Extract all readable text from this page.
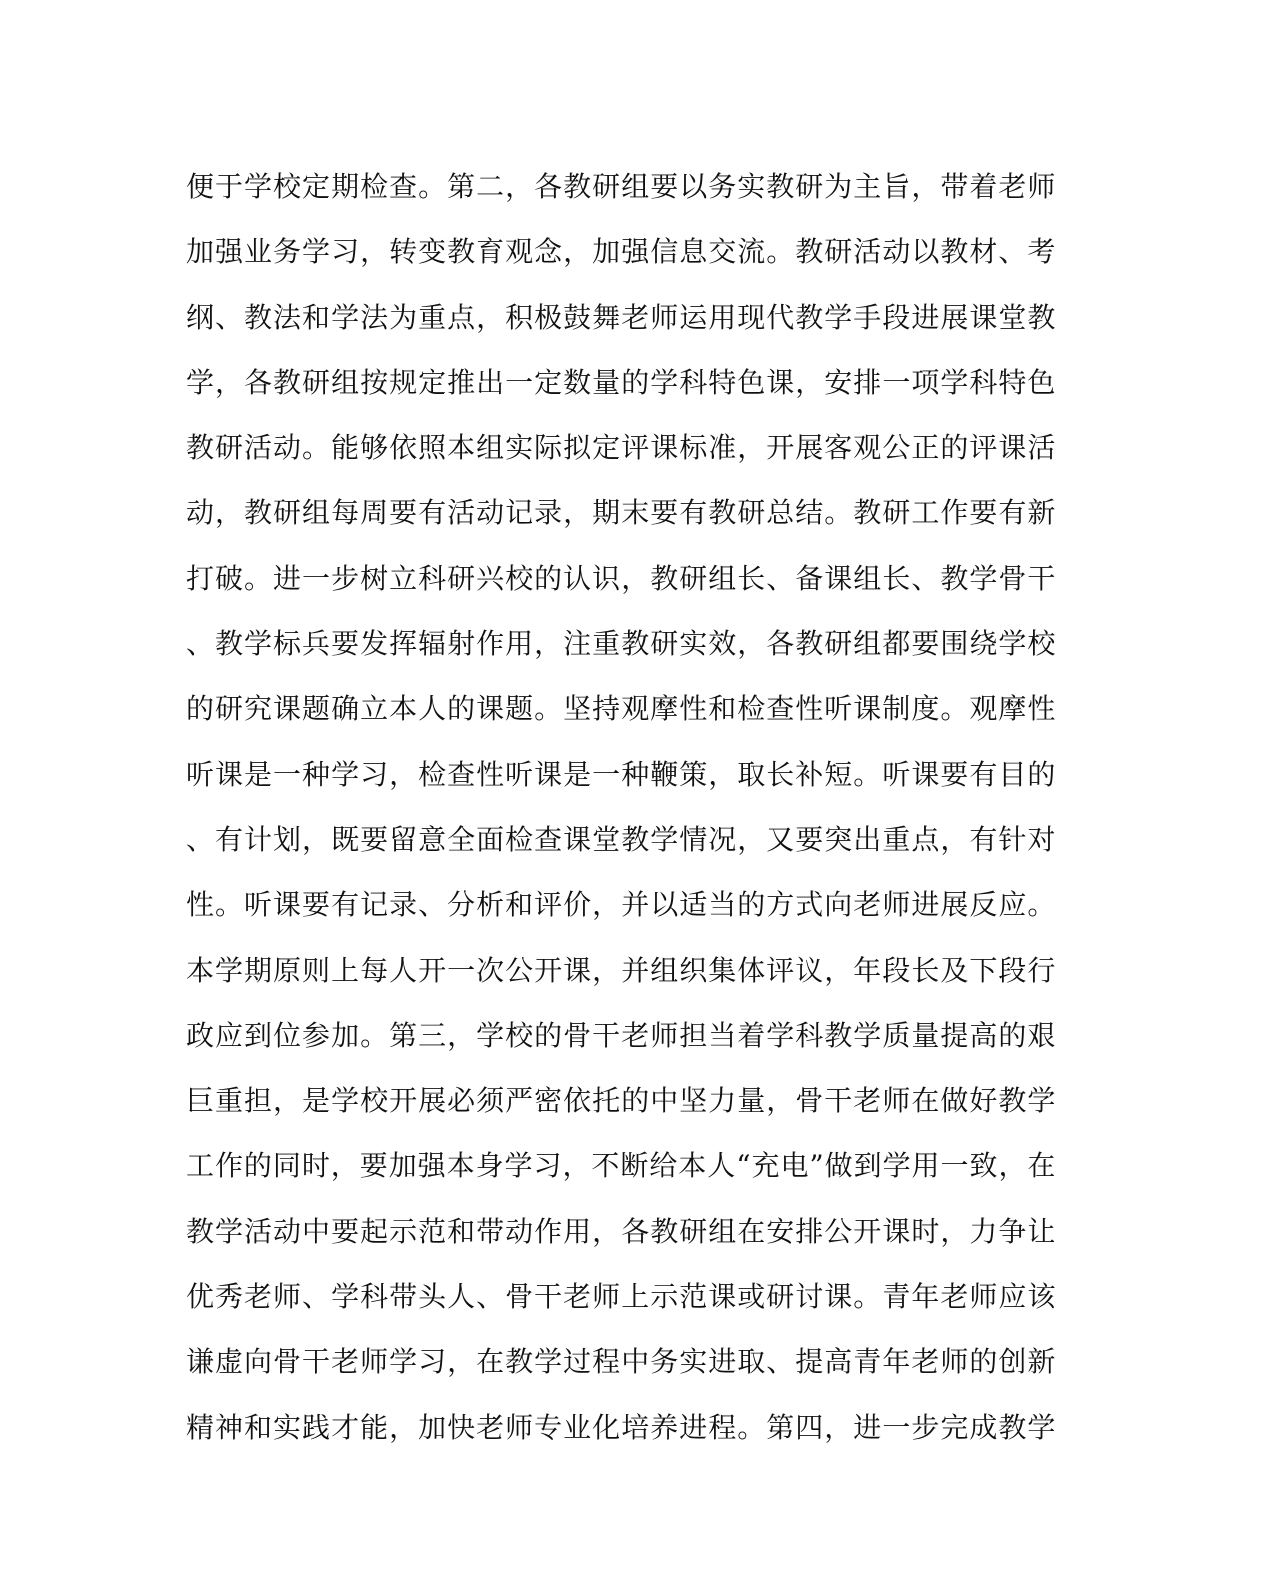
便于学校定期检查。第二，各教研组要以务实教研为主旨，带着老师
加强业务学习，转变教育观念，加强信息交流。教研活动以教材、考
纲、教法和学法为重点，积极鼓舞老师运用现代教学手段进展课堂教
学，各教研组按规定推出一定数量的学科特色课，安排一项学科特色
教研活动。能够依照本组实际拟定评课标准，开展客观公正的评课活
动，教研组每周要有活动记录，期末要有教研总结。教研工作要有新
打破。进一步树立科研兴校的认识，教研组长、备课组长、教学骨干
、教学标兵要发挥辐射作用，注重教研实效，各教研组都要围绕学校
的研究课题确立本人的课题。坚持观摩性和检查性听课制度。观摩性
听课是一种学习，检查性听课是一种鞭策，取长补短。听课要有目的
、有计划，既要留意全面检查课堂教学情况，又要突出重点，有针对
性。听课要有记录、分析和评价，并以适当的方式向老师进展反应。
本学期原则上每人开一次公开课，并组织集体评议，年段长及下段行
政应到位参加。第三，学校的骨干老师担当着学科教学质量提高的艰
巨重担，是学校开展必须严密依托的中坚力量，骨干老师在做好教学
工作的同时，要加强本身学习，不断给本人“充电”做到学用一致，在
教学活动中要起示范和带动作用，各教研组在安排公开课时，力争让
优秀老师、学科带头人、骨干老师上示范课或研讨课。青年老师应该
谦虚向骨干老师学习，在教学过程中务实进取、提高青年老师的创新
精神和实践才能，加快老师专业化培养进程。第四，进一步完成教学
